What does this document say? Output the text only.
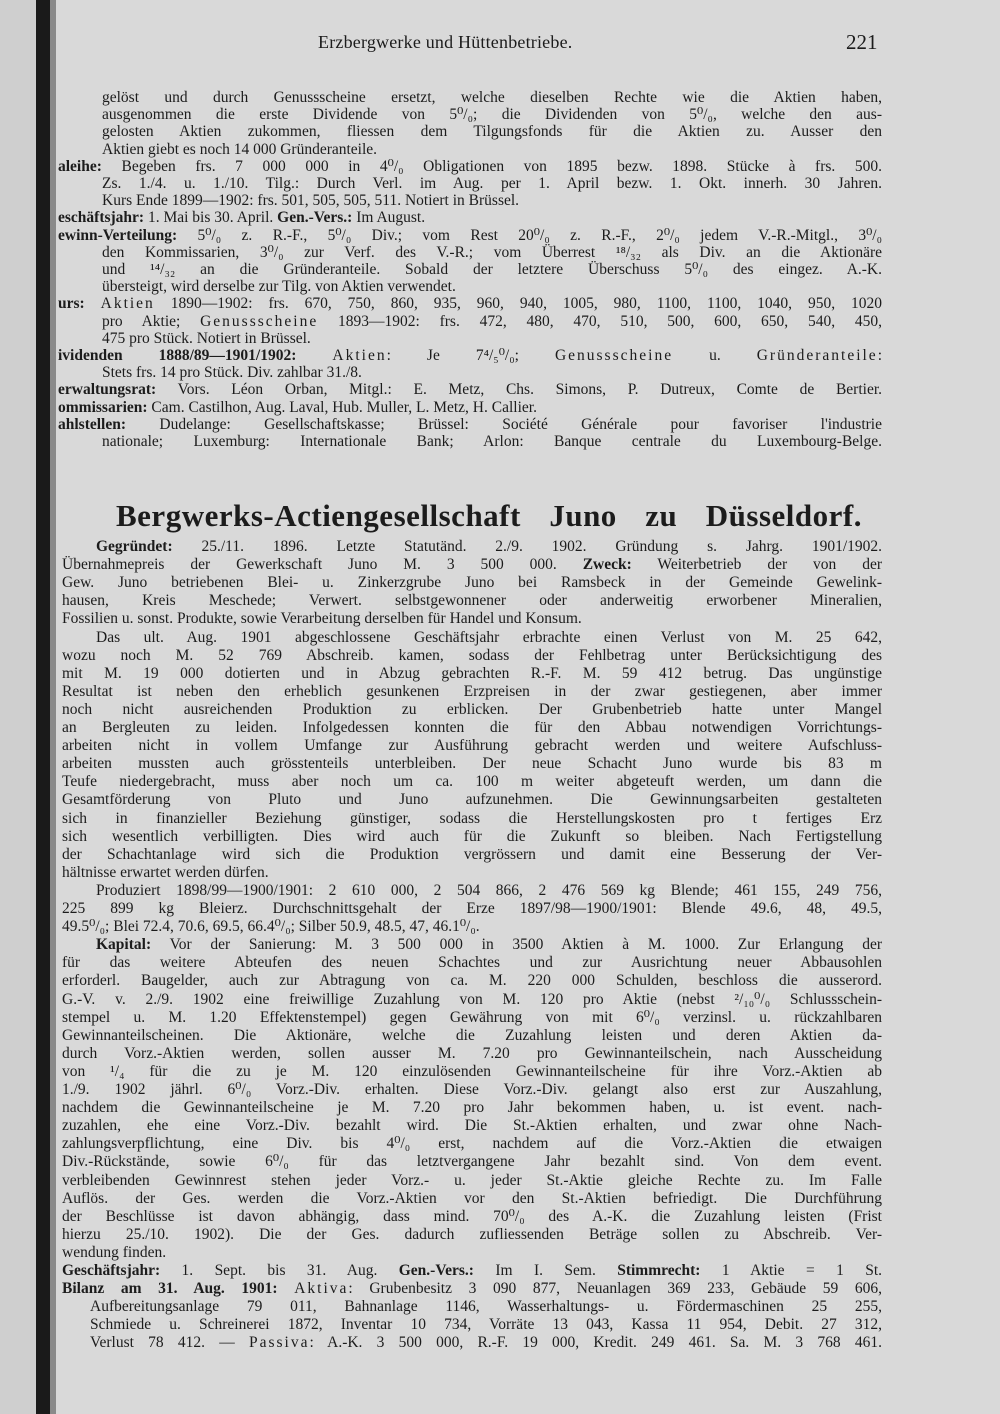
Erzbergwerke und Hüttenbetriebe.	221
gelöst und durch Genussscheine ersetzt, welche dieselben Rechte wie die Aktien haben,
ausgenommen die erste Dividende von 5⁰/₀; die Dividenden von 5⁰/₀, welche den aus-
gelosten Aktien zukommen, fliessen dem Tilgungsfonds für die Aktien zu. Ausser den
Aktien giebt es noch 14 000 Gründeranteile.
aleihe: Begeben frs. 7 000 000 in 4⁰/₀ Obligationen von 1895 bezw. 1898. Stücke à frs. 500.
Zs. 1./4. u. 1./10. Tilg.: Durch Verl. im Aug. per 1. April bezw. 1. Okt. innerh. 30 Jahren.
Kurs Ende 1899—1902: frs. 501, 505, 505, 511. Notiert in Brüssel.
eschäftsjahr: 1. Mai bis 30. April. Gen.-Vers.: Im August.
ewinn-Verteilung: 5⁰/₀ z. R.-F., 5⁰/₀ Div.; vom Rest 20⁰/₀ z. R.-F., 2⁰/₀ jedem V.-R.-Mitgl., 3⁰/₀
den Kommissarien, 3⁰/₀ zur Verf. des V.-R.; vom Überrest ¹⁸/₃₂ als Div. an die Aktionäre
und ¹⁴/₃₂ an die Gründeranteile. Sobald der letztere Überschuss 5⁰/₀ des eingez. A.-K.
übersteigt, wird derselbe zur Tilg. von Aktien verwendet.
urs: Aktien 1890—1902: frs. 670, 750, 860, 935, 960, 940, 1005, 980, 1100, 1100, 1040, 950, 1020
pro Aktie; Genussscheine 1893—1902: frs. 472, 480, 470, 510, 500, 600, 650, 540, 450,
475 pro Stück. Notiert in Brüssel.
ividenden 1888/89—1901/1902: Aktien: Je 7⁴/₅⁰/₀; Genussscheine u. Gründeranteile:
Stets frs. 14 pro Stück. Div. zahlbar 31./8.
erwaltungsrat: Vors. Léon Orban, Mitgl.: E. Metz, Chs. Simons, P. Dutreux, Comte de Bertier.
ommissarien: Cam. Castilhon, Aug. Laval, Hub. Muller, L. Metz, H. Callier.
ahlstellen: Dudelange: Gesellschaftskasse; Brüssel: Société Générale pour favoriser l'industrie
nationale; Luxemburg: Internationale Bank; Arlon: Banque centrale du Luxembourg-Belge.
Bergwerks-Actiengesellschaft Juno zu Düsseldorf.
Gegründet: 25./11. 1896. Letzte Statutänd. 2./9. 1902. Gründung s. Jahrg. 1901/1902.
Übernahmepreis der Gewerkschaft Juno M. 3 500 000. Zweck: Weiterbetrieb der von der
Gew. Juno betriebenen Blei- u. Zinkerzgrube Juno bei Ramsbeck in der Gemeinde Gewelink-
hausen, Kreis Meschede; Verwert. selbstgewonnener oder anderweitig erworbener Mineralien,
Fossilien u. sonst. Produkte, sowie Verarbeitung derselben für Handel und Konsum.
Das ult. Aug. 1901 abgeschlossene Geschäftsjahr erbrachte einen Verlust von M. 25 642,
wozu noch M. 52 769 Abschreib. kamen, sodass der Fehlbetrag unter Berücksichtigung des
mit M. 19 000 dotierten und in Abzug gebrachten R.-F. M. 59 412 betrug. Das ungünstige
Resultat ist neben den erheblich gesunkenen Erzpreisen in der zwar gestiegenen, aber immer
noch nicht ausreichenden Produktion zu erblicken. Der Grubenbetrieb hatte unter Mangel
an Bergleuten zu leiden. Infolgedessen konnten die für den Abbau notwendigen Vorrichtungs-
arbeiten nicht in vollem Umfange zur Ausführung gebracht werden und weitere Aufschluss-
arbeiten mussten auch grösstenteils unterbleiben. Der neue Schacht Juno wurde bis 83 m
Teufe niedergebracht, muss aber noch um ca. 100 m weiter abgeteuft werden, um dann die
Gesamtförderung von Pluto und Juno aufzunehmen. Die Gewinnungsarbeiten gestalteten
sich in finanzieller Beziehung günstiger, sodass die Herstellungskosten pro t fertiges Erz
sich wesentlich verbilligten. Dies wird auch für die Zukunft so bleiben. Nach Fertigstellung
der Schachtanlage wird sich die Produktion vergrössern und damit eine Besserung der Ver-
hältnisse erwartet werden dürfen.
Produziert 1898/99—1900/1901: 2 610 000, 2 504 866, 2 476 569 kg Blende; 461 155, 249 756,
225 899 kg Bleierz. Durchschnittsgehalt der Erze 1897/98—1900/1901: Blende 49.6, 48, 49.5,
49.5⁰/₀; Blei 72.4, 70.6, 69.5, 66.4⁰/₀; Silber 50.9, 48.5, 47, 46.1⁰/₀.
Kapital: Vor der Sanierung: M. 3 500 000 in 3500 Aktien à M. 1000. Zur Erlangung der
für das weitere Abteufen des neuen Schachtes und zur Ausrichtung neuer Abbausohlen
erforderl. Baugelder, auch zur Abtragung von ca. M. 220 000 Schulden, beschloss die ausserord.
G.-V. v. 2./9. 1902 eine freiwillige Zuzahlung von M. 120 pro Aktie (nebst ²/₁₀⁰/₀ Schlussschein-
stempel u. M. 1.20 Effektenstempel) gegen Gewährung von mit 6⁰/₀ verzinsl. u. rückzahlbaren
Gewinnanteilscheinen. Die Aktionäre, welche die Zuzahlung leisten und deren Aktien da-
durch Vorz.-Aktien werden, sollen ausser M. 7.20 pro Gewinnanteilschein, nach Ausscheidung
von ¹/₄ für die zu je M. 120 einzulösenden Gewinnanteilscheine für ihre Vorz.-Aktien ab
1./9. 1902 jährl. 6⁰/₀ Vorz.-Div. erhalten. Diese Vorz.-Div. gelangt also erst zur Auszahlung,
nachdem die Gewinnanteilscheine je M. 7.20 pro Jahr bekommen haben, u. ist event. nach-
zuzahlen, ehe eine Vorz.-Div. bezahlt wird. Die St.-Aktien erhalten, und zwar ohne Nach-
zahlungsverpflichtung, eine Div. bis 4⁰/₀ erst, nachdem auf die Vorz.-Aktien die etwaigen
Div.-Rückstände, sowie 6⁰/₀ für das letztvergangene Jahr bezahlt sind. Von dem event.
verbleibenden Gewinnrest stehen jeder Vorz.- u. jeder St.-Aktie gleiche Rechte zu. Im Falle
Auflös. der Ges. werden die Vorz.-Aktien vor den St.-Aktien befriedigt. Die Durchführung
der Beschlüsse ist davon abhängig, dass mind. 70⁰/₀ des A.-K. die Zuzahlung leisten (Frist
hierzu 25./10. 1902). Die der Ges. dadurch zufliessenden Beträge sollen zu Abschreib. Ver-
wendung finden.
Geschäftsjahr: 1. Sept. bis 31. Aug. Gen.-Vers.: Im I. Sem. Stimmrecht: 1 Aktie = 1 St.
Bilanz am 31. Aug. 1901: Aktiva: Grubenbesitz 3 090 877, Neuanlagen 369 233, Gebäude 59 606,
Aufbereitungsanlage 79 011, Bahnanlage 1146, Wasserhaltungs- u. Fördermaschinen 25 255,
Schmiede u. Schreinerei 1872, Inventar 10 734, Vorräte 13 043, Kassa 11 954, Debit. 27 312,
Verlust 78 412. — Passiva: A.-K. 3 500 000, R.-F. 19 000, Kredit. 249 461. Sa. M. 3 768 461.
